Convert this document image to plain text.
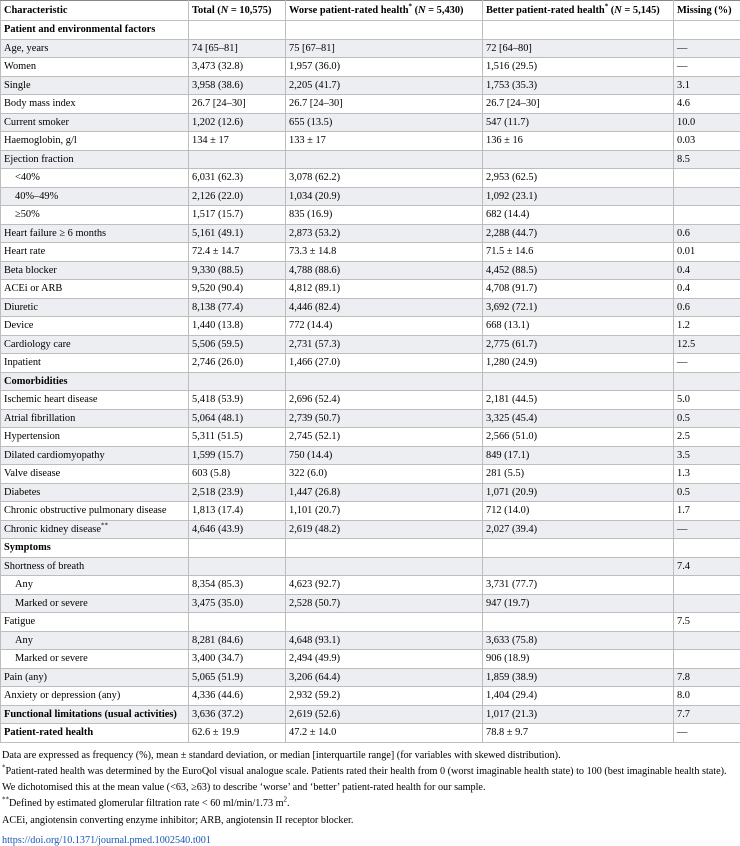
Characteristic	Total (N = 10,575)	Worse patient-rated health* (N = 5,430)	Better patient-rated health* (N = 5,145)	Missing (%)
Patient and environmental factors				
Age, years	74 [65–81]	75 [67–81]	72 [64–80]	—
Women	3,473 (32.8)	1,957 (36.0)	1,516 (29.5)	—
Single	3,958 (38.6)	2,205 (41.7)	1,753 (35.3)	3.1
Body mass index	26.7 [24–30]	26.7 [24–30]	26.7 [24–30]	4.6
Current smoker	1,202 (12.6)	655 (13.5)	547 (11.7)	10.0
Haemoglobin, g/l	134 ± 17	133 ± 17	136 ± 16	0.03
Ejection fraction				8.5
<40%	6,031 (62.3)	3,078 (62.2)	2,953 (62.5)	
40%–49%	2,126 (22.0)	1,034 (20.9)	1,092 (23.1)	
≥50%	1,517 (15.7)	835 (16.9)	682 (14.4)	
Heart failure ≥ 6 months	5,161 (49.1)	2,873 (53.2)	2,288 (44.7)	0.6
Heart rate	72.4 ± 14.7	73.3 ± 14.8	71.5 ± 14.6	0.01
Beta blocker	9,330 (88.5)	4,788 (88.6)	4,452 (88.5)	0.4
ACEi or ARB	9,520 (90.4)	4,812 (89.1)	4,708 (91.7)	0.4
Diuretic	8,138 (77.4)	4,446 (82.4)	3,692 (72.1)	0.6
Device	1,440 (13.8)	772 (14.4)	668 (13.1)	1.2
Cardiology care	5,506 (59.5)	2,731 (57.3)	2,775 (61.7)	12.5
Inpatient	2,746 (26.0)	1,466 (27.0)	1,280 (24.9)	—
Comorbidities				
Ischemic heart disease	5,418 (53.9)	2,696 (52.4)	2,181 (44.5)	5.0
Atrial fibrillation	5,064 (48.1)	2,739 (50.7)	3,325 (45.4)	0.5
Hypertension	5,311 (51.5)	2,745 (52.1)	2,566 (51.0)	2.5
Dilated cardiomyopathy	1,599 (15.7)	750 (14.4)	849 (17.1)	3.5
Valve disease	603 (5.8)	322 (6.0)	281 (5.5)	1.3
Diabetes	2,518 (23.9)	1,447 (26.8)	1,071 (20.9)	0.5
Chronic obstructive pulmonary disease	1,813 (17.4)	1,101 (20.7)	712 (14.0)	1.7
Chronic kidney disease**	4,646 (43.9)	2,619 (48.2)	2,027 (39.4)	—
Symptoms				
Shortness of breath				7.4
Any	8,354 (85.3)	4,623 (92.7)	3,731 (77.7)	
Marked or severe	3,475 (35.0)	2,528 (50.7)	947 (19.7)	
Fatigue				7.5
Any	8,281 (84.6)	4,648 (93.1)	3,633 (75.8)	
Marked or severe	3,400 (34.7)	2,494 (49.9)	906 (18.9)	
Pain (any)	5,065 (51.9)	3,206 (64.4)	1,859 (38.9)	7.8
Anxiety or depression (any)	4,336 (44.6)	2,932 (59.2)	1,404 (29.4)	8.0
Functional limitations (usual activities)	3,636 (37.2)	2,619 (52.6)	1,017 (21.3)	7.7
Patient-rated health	62.6 ± 19.9	47.2 ± 14.0	78.8 ± 9.7	—

Data are expressed as frequency (%), mean ± standard deviation, or median [interquartile range] (for variables with skewed distribution).

*Patient-rated health was determined by the EuroQol visual analogue scale. Patients rated their health from 0 (worst imaginable health state) to 100 (best imaginable health state). We dichotomised this at the mean value (<63, ≥63) to describe ‘worse’ and ‘better’ patient-rated health for our sample.

**Defined by estimated glomerular filtration rate < 60 ml/min/1.73 $m^2$.

ACEi, angiotensin converting enzyme inhibitor; ARB, angiotensin II receptor blocker.

https://doi.org/10.1371/journal.pmed.1002540.t001
